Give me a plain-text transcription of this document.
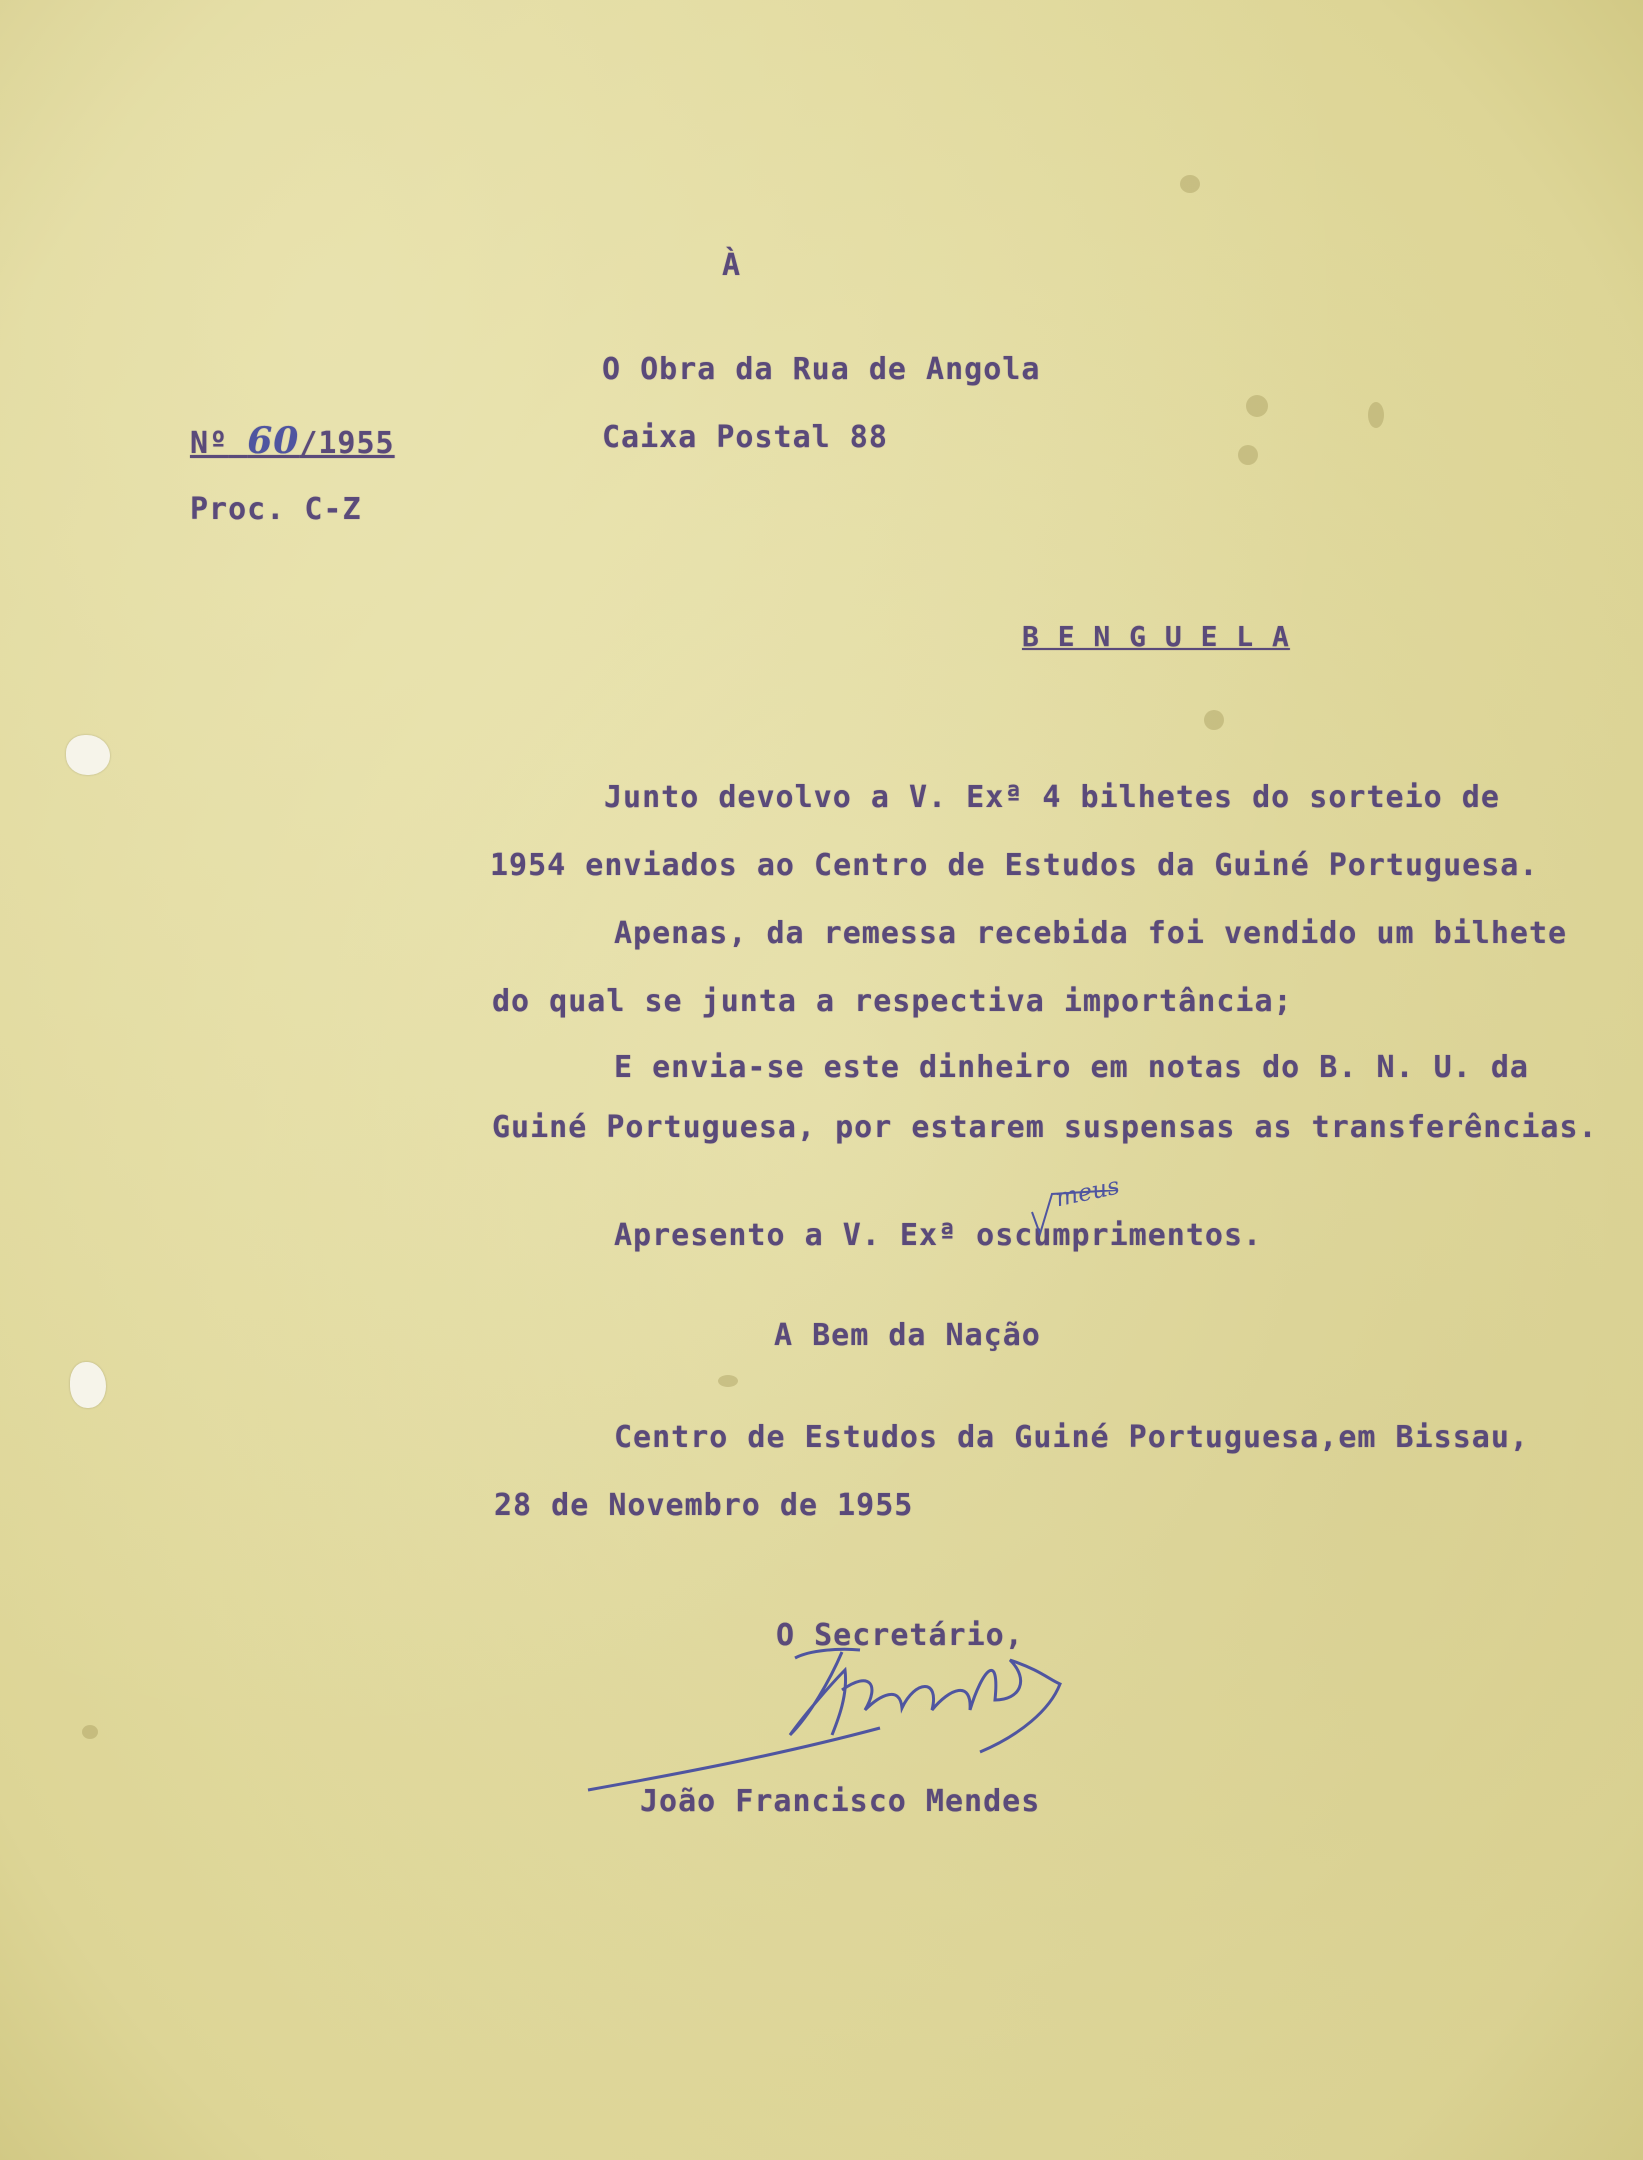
À
O Obra da Rua de Angola
Caixa Postal 88
Nº 60/1955
Proc. C-Z
B E N G U E L A
Junto devolvo a V. Exª 4 bilhetes do sorteio de
1954 enviados ao Centro de Estudos da Guiné Portuguesa.
Apenas, da remessa recebida foi vendido um bilhete
do qual se junta a respectiva importância;
E envia-se este dinheiro em notas do B. N. U. da
Guiné Portuguesa, por estarem suspensas as transferências.
Apresento a V. Exª oscumprimentos.
meus
A Bem da Nação
Centro de Estudos da Guiné Portuguesa,em Bissau,
28 de Novembro de 1955
O Secretário,
João Francisco Mendes
